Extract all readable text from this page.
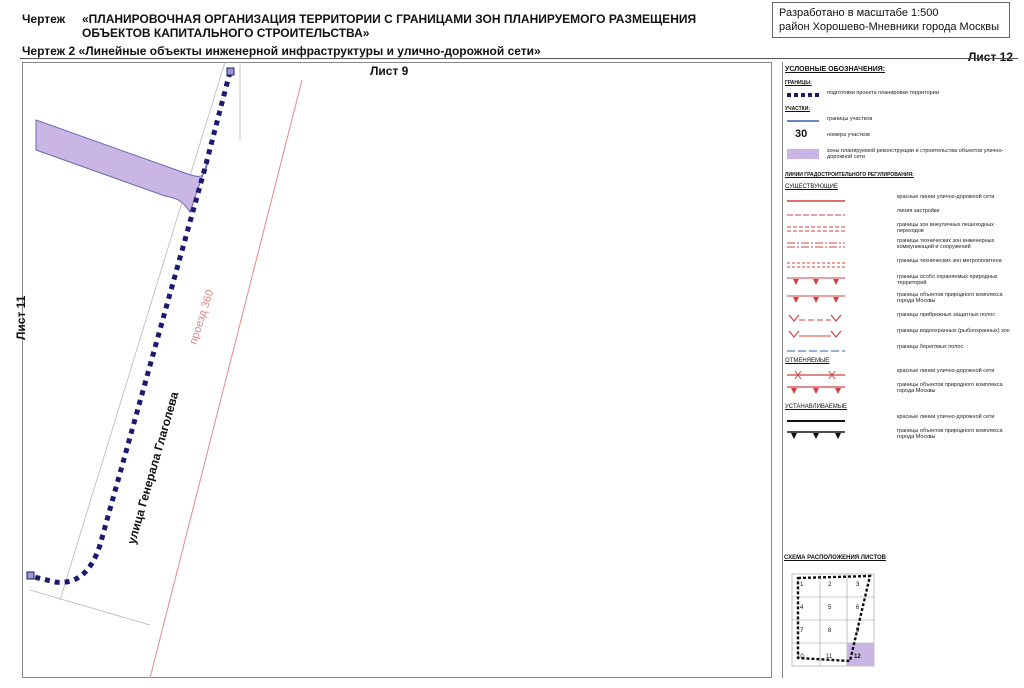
Чертеж «ПЛАНИРОВОЧНАЯ ОРГАНИЗАЦИЯ ТЕРРИТОРИИ С ГРАНИЦАМИ ЗОН ПЛАНИРУЕМОГО РАЗМЕЩЕНИЯ ОБЪЕКТОВ КАПИТАЛЬНОГО СТРОИТЕЛЬСТВА»
Чертеж 2 «Линейные объекты инженерной инфраструктуры и улично-дорожной сети»
Разработано в масштабе 1:500
район Хорошево-Мневники города Москвы
Лист 12
проезд 360
улица Генерала Глаголева
Лист 9
Лист 11
УСЛОВНЫЕ ОБОЗНАЧЕНИЯ:
ГРАНИЦЫ:
подготовки проекта планировки территории
УЧАСТКИ:
границы участков
30	номера участков
зоны планируемой реконструкции и строительства объектов улично-дорожной сети
ЛИНИИ ГРАДОСТРОИТЕЛЬНОГО РЕГУЛИРОВАНИЯ:
СУЩЕСТВУЮЩИЕ
красные линии улично-дорожной сети
линия застройки
границы зон внеуличных пешеходных переходов
границы технических зон инженерных коммуникаций и сооружений
границы технических зон метрополитена
границы особо охраняемых природных территорий
границы объектов природного комплекса города Москвы
границы прибрежных защитных полос
границы водоохранных (рыбоохранных) зон
границы береговых полос
ОТМЕНЯЕМЫЕ
красные линии улично-дорожной сети
границы объектов природного комплекса города Москвы
УСТАНАВЛИВАЕМЫЕ
красные линии улично-дорожной сети
границы объектов природного комплекса города Москвы
СХЕМА РАСПОЛОЖЕНИЯ ЛИСТОВ
1	2	3
4	5	6
7	8	9
10	11	12
